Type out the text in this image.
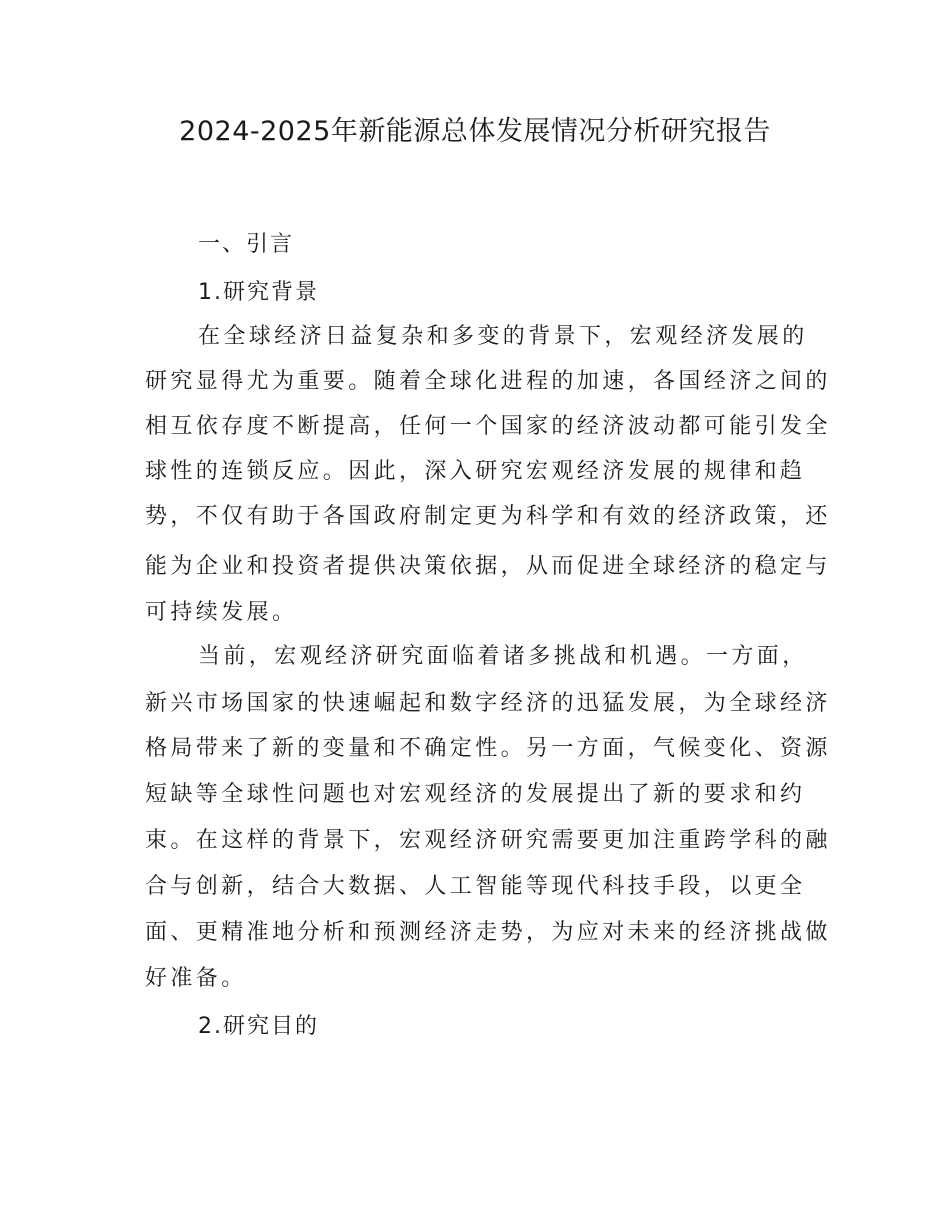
2024-2025年新能源总体发展情况分析研究报告
一、引言
1.研究背景
在全球经济日益复杂和多变的背景下，宏观经济发展的
研究显得尤为重要。随着全球化进程的加速，各国经济之间的
相互依存度不断提高，任何一个国家的经济波动都可能引发全
球性的连锁反应。因此，深入研究宏观经济发展的规律和趋
势，不仅有助于各国政府制定更为科学和有效的经济政策，还
能为企业和投资者提供决策依据，从而促进全球经济的稳定与
可持续发展。
当前，宏观经济研究面临着诸多挑战和机遇。一方面，
新兴市场国家的快速崛起和数字经济的迅猛发展，为全球经济
格局带来了新的变量和不确定性。另一方面，气候变化、资源
短缺等全球性问题也对宏观经济的发展提出了新的要求和约
束。在这样的背景下，宏观经济研究需要更加注重跨学科的融
合与创新，结合大数据、人工智能等现代科技手段，以更全
面、更精准地分析和预测经济走势，为应对未来的经济挑战做
好准备。
2.研究目的
